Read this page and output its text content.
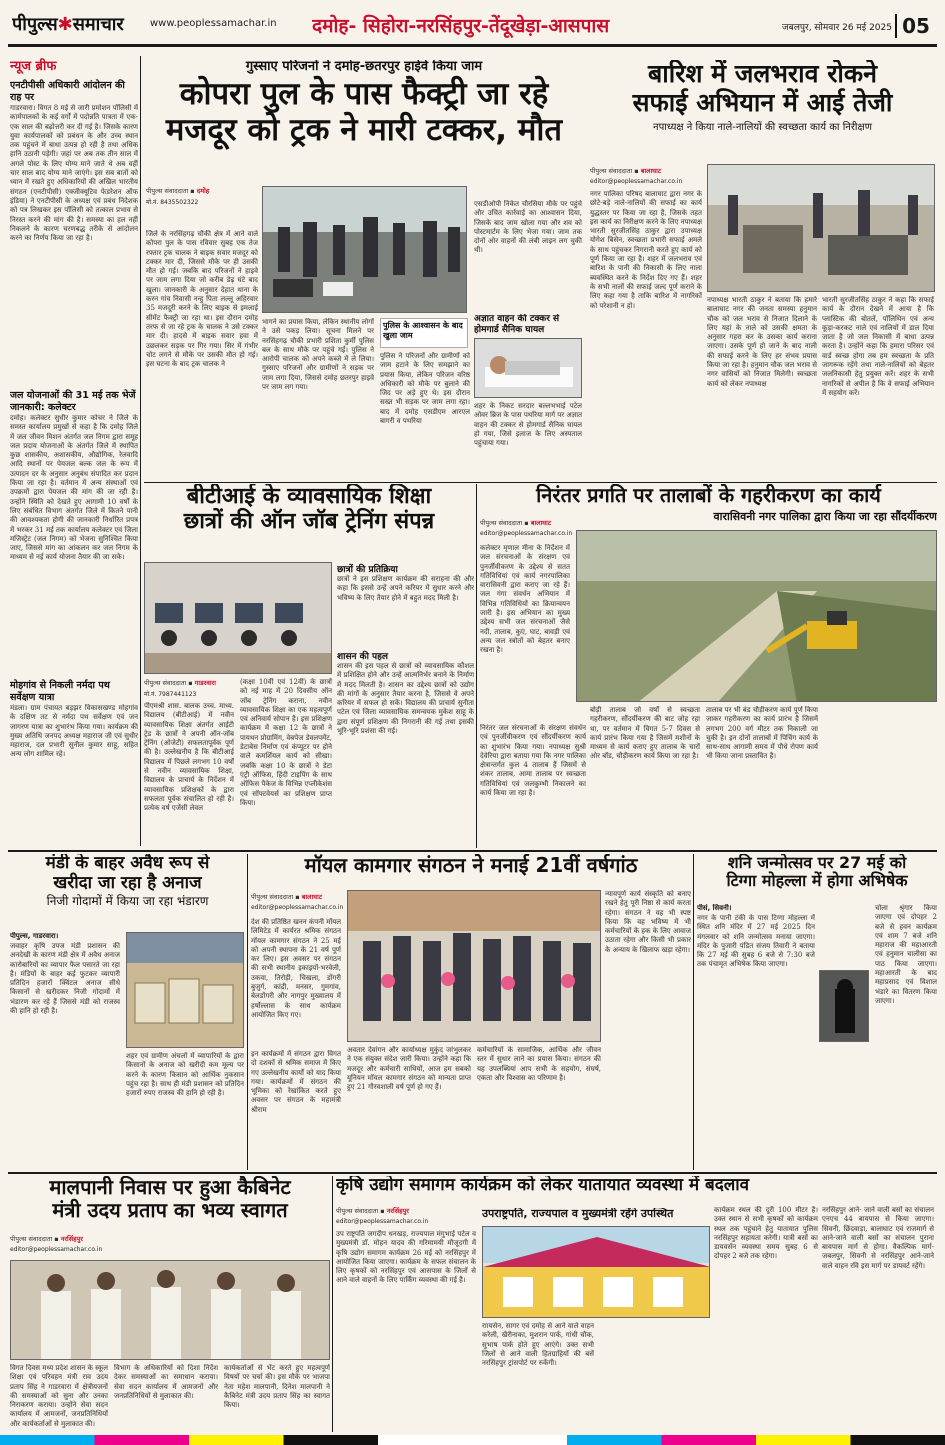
पीपुल्स✱समाचार	www.peoplessamachar.in	दमोह- सिहोरा-नरसिंहपुर-तेंदूखेड़ा-आसपास	जबलपुर, सोमवार 26 मई 2025 05
न्यूज ब्रीफ
एनटीपीसी अधिकारी आंदोलन की राह पर
गाडरवारा। विगत 8 मई से जारी प्रमोशन पॉलिसी में कार्मपालकों के कई वर्गों में पदोन्नति पात्रता में एक-एक साल की बढ़ोत्तरी कर दी गई है। जिसके कारण युवा कार्यपालकों को प्रबंधन के और उच्च स्थान तक पहुंचने में बाधा उत्पन्न हो रही है तथा अधिक हानि उठानी पड़ेगी। जहां पर अब तक तीन साल में अगले पोस्ट के लिए योग्य माने जाते थे अब वहीं चार साल बाद योग्य माने जाएंगे। इस सब बातों को ध्यान में रखते हुए अधिकारियों की अखिल भारतीय संगठन (एनटीपीसी) एक्जीक्यूटिव फेडरेशन ऑफ इंडिया) ने एनटीपीसी के अध्यक्ष एवं प्रबंध निदेशक को पत्र लिखकर इस पॉलिसी को तत्काल प्रभाव से निरस्त करने की मांग की है। समस्या का हल नहीं निकलने के कारण चरणबद्ध तरीके से आंदोलन करने का निर्णय किया जा रहा है।
जल योजनाओं की 31 मई तक भेजें जानकारी: कलेक्टर
दमोह। कलेक्टर सुधीर कुमार कोचर ने जिले के समस्त कार्यालय प्रमुखों से कहा है कि दमोह जिले में जल जीवन मिशन अंतर्गत जल निगम द्वारा समूह जल प्रदाय योजनाओं के अंतर्गत जिले में स्थापित कुछ शासकीय, अशासकीय, औद्योगिक, रेलवादि आदि स्थानों पर पेयजल बल्क जल के रूप में उत्पादन दर के अनुसार अनुबंध संपादित कर प्रदान किया जा रहा है। वर्तमान में अन्य संस्थाओं एवं उपक्रमों द्वारा पेयजल की मांग की जा रही है। उन्होंने स्थिति को देखते हुए आगामी 10 वर्षों के लिए संबंधित विभाग अंतर्गत जिले में कितने पानी की आवश्यकता होगी की जानकारी निर्धारित प्रपत्र में भरकर 31 मई तक कार्यालय कलेक्टर एवं जिला मजिस्ट्रेट (जल निगम) को भेजना सुनिश्चित किया जाए, जिससे मांग का आंकलन कर जल निगम के माध्यम से नई कार्य योजना तैयार की जा सके।
मोहगांव से निकली नर्मदा पथ सर्वेक्षण यात्रा
मंडला। ग्राम पंचायत बड़झर विकासखण्ड मोहगांव के दक्षिण तट से नर्मदा पथ सर्वेक्षण एवं जन जागरण यात्रा का शुभारंभ किया गया। कार्यक्रम की मुख्य अतिथि जनपद अध्यक्ष महाराज जी एवं सुधीर महाराज, दल प्रभारी सुनील कुमार साहू, सहित अन्य लोग शामिल रहे।
गुस्साए परिजनों ने दमोह-छतरपुर हाईवे किया जाम
कोपरा पुल के पास फैक्ट्री जा रहे
मजदूर को ट्रक ने मारी टक्कर, मौत
पीपुल्स संवाददाता ▪ दमोह
मो.नं. 8435502322
जिले के नरसिंहगढ़ चौकी क्षेत्र में आने वाले कोपरा पुल के पास रविवार सुबह एक तेज रफ्तार ट्रक चालक ने बाइक सवार मजदूर को टक्कर मार दी, जिससे मौके पर ही उसकी मौत हो गई। जबकि बाद परिजनों ने हाइवे पर जाम लगा दिया जो करीब डेढ़ घंटे बाद खुला। जानकारी के अनुसार देहात थाना के करन गांव निवासी नन्हु पिता लल्लू अहिरवार 35 मजदूरी करने के लिए बाइक से इमलाई सीमेंट फैक्ट्री जा रहा था। इस दौरान दमोह तरफ से जा रहे ट्रक के चालक ने उसे टक्कर मार दी। हादसे में बाइक सवार हवा में उछलकर सड़क पर गिर गया। सिर में गंभीर चोट लगने से मौके पर उसकी मौत हो गई। इस घटना के बाद ट्रक चालक ने
भागने का प्रयास किया, लेकिन स्थानीय लोगों ने उसे पकड़ लिया। सूचना मिलने पर नरसिंहगढ़ चौकी प्रभारी प्रशिता कुर्मी पुलिस बल के साथ मौके पर पहुंचे गईं। पुलिस ने आरोपी चालक को अपने कब्जे में ले लिया। गुस्साए परिजनों और ग्रामीणों ने सड़क पर जाम लगा दिया, जिससे दमोह छतरपुर हाइवे पर जाम लग गया।
पुलिस के आश्वासन के बाद खुला जाम
पुलिस ने परिजनों और ग्रामीणों को जाम हटाने के लिए समझाने का प्रयास किया, लेकिन परिजन वरिष्ठ अधिकारी को मौके पर बुलाने की जिद पर अड़े हुए थे। इस दौरान सख्त भी सड़क पर जाम लगा रहा। बाद में दमोह एसडीएम आरएल बागरी व पथरिया
एसडीओपी निकेत चौरसिया मौके पर पहुंचे और उचित कार्रवाई का आश्वासन दिया, जिसके बाद जाम खोला गया और शव को पोस्टमार्टम के लिए भेजा गया। जाम तक दोनों ओर वाहनों की लंबी लाइन लग चुकी थी।
अज्ञात वाहन की टक्कर से होमगार्ड सैनिक घायल
शहर के निकट सरदार बल्लभभाई पटेल ओवर ब्रिज के पास पथरिया मार्ग पर अज्ञात वाहन की टक्कर से होमगार्ड सैनिक घायल हो गया, जिसे इलाज के लिए अस्पताल पहुंचाया गया।
बारिश में जलभराव रोकने
सफाई अभियान में आई तेजी
नपाध्यक्ष ने किया नाले-नालियों की स्वच्छता कार्य का निरीक्षण
पीपुल्स संवाददाता ▪ बालाघाट
editor@peoplessamachar.co.in
नगर पालिका परिषद बालाघाट द्वारा नगर के छोटे-बड़े नाले-नालियों की सफाई का कार्य युद्धस्तर पर किया जा रहा है, जिसके तहत इस कार्य का निरीक्षण करने के लिए नपाध्यक्ष भारती सुरजीतसिंह ठाकुर द्वारा उपाध्यक्ष योगेश बिसेन, स्वच्छता प्रभारी सफाई अमले के साथ पहुंचकर निगरानी करते हुए कार्य को पूर्ण किया जा रहा है। शहर में जलभराव एवं बारिश के पानी की निकासी के लिए नाला ब्यवस्थित करने के निर्देश दिए गए हैं। शहर के सभी नालों की सफाई जल्द पूर्ण कराने के लिए कहा गया है ताकि बारिश में नागरिकों को परेशानी न हो।
नपाध्यक्ष भारती ठाकुर ने बताया कि हमारे बालाघाट नगर की जनता समस्या हनुमान चौक को जल भराव से निजात दिलाने के लिए यहां के नाले को उसकी क्षमता के अनुसार गहरा कर के उसका कार्य कराना जाएगा। उसके पूर्ण हो जाने के बाद नाली की सफाई करने के लिए हर संभव प्रयास किया जा रहा है। हनुमान चौक जल भराव से नगर वासियों को निजात मिलेगी। स्वच्छता कार्य को लेकर नपाध्यक्ष
भारती सुरजीतसिंह ठाकुर ने कहा कि सफाई कार्य के दौरान देखने में आया है कि प्लास्टिक की बोतलें, पॉलिथिन एवं अन्य कूड़ा-करकट नाले एवं नालियों में डाल दिया जाता है जो जल निकासी में बाधा उत्पन्न करता है। उन्होंने कहा कि हमारा परिसर एवं वार्ड स्वच्छ होगा तब हम स्वच्छता के प्रति जागरूक रहेंगे तथा नाले-नालियों को बेहतर जलनिकासी हेतु प्रयुक्त करें। शहर के सभी नागरिकों से अपील है कि वे सफाई अभियान में सहयोग करें।
बीटीआई के व्यावसायिक शिक्षा
छात्रों की ऑन जॉब ट्रेनिंग संपन्न
पीपुल्स संवाददाता ▪ गाडरवारा
मो.नं. 7987441123
पीएमश्री शास. बालक उच्च. माध्य. विद्यालय (बीटीआई) में नवीन व्यावसायिक शिक्षा अंतर्गत आईटी ट्रेड के छात्रों ने अपनी ऑन-जॉब ट्रेनिंग (ओजेटी) सफलतापूर्वक पूर्ण की है। उल्लेखनीय है कि बीटीआई विद्यालय में पिछले लगभग 10 वर्षों से नवीन व्यावसायिक शिक्षा, विद्यालय के प्राचार्य के निर्देशन में व्यावसायिक प्रशिक्षकों के द्वारा सफलता पूर्वक संचालित हो रही है। प्रत्येक वर्ष एजेंसी लेवल
(कक्षा 10वीं एवं 12वीं) के छात्रों को नई माह में 20 दिवसीय ऑन जॉब ट्रेनिंग कराना, नवीन व्यावसायिक शिक्षा का एक महत्वपूर्ण एवं अनिवार्य सोपान है। इस प्रशिक्षण कार्यक्रम में कक्षा 12 के छात्रों ने पायथन प्रोग्रामिंग, वेबपेज डेवलपमेंट, डेटाबेस निर्माण एवं कंप्यूटर पर होने वाले कमर्शियल कार्य को सीखा। जबकि कक्षा 10 के छात्रों ने डेटा एंट्री ऑफिस, हिंदी टाइपिंग के साथ ऑफिस पैकेज के विभिन्न एप्लीकेशंस एवं सॉफ्टवेयर्स का प्रशिक्षण प्राप्त किया।
छात्रों की प्रतिक्रिया
छात्रों ने इस प्रशिक्षण कार्यक्रम की सराहना की और कहा कि इससे उन्हें अपने करियर में सुधार करने और भविष्य के लिए तैयार होने में बहुत मदद मिली है।
शासन की पहल
शासन की इस पहल से छात्रों को व्यावसायिक कौशल में प्रशिक्षित होने और उन्हें आत्मनिर्भर बनाने के निर्माण में मदद मिलती है। शासन का उद्देश्य छात्रों को उद्योग की मांगों के अनुसार तैयार करना है, जिससे वे अपने करियर में सफल हो सकें। विद्यालय की प्राचार्य सुनीता पटेल एवं जिला व्यावसायिक समन्वयक मुकेश साहू के द्वारा संपूर्ण प्रशिक्षण की निगरानी की गई तथा इसकी भूरि-भूरि प्रशंसा की गई।
निरंतर प्रगति पर तालाबों के गहरीकरण का कार्य
वारासिवनी नगर पालिका द्वारा किया जा रहा सौंदर्यीकरण
पीपुल्स संवाददाता ▪ बालाघाट
editor@peoplessamachar.co.in
कलेक्टर मृणाल मीना के निर्देशन में जल संरचनाओं के संरक्षण एवं पुनर्जीवीकरण के उद्देश्य से सतत गतिविधियां एवं कार्य नगरपालिका वारासिवनी द्वारा कराए जा रहे हैं। जल गंगा संवर्धन अभियान में विभिन्न गतिविधियों का क्रियान्वयन जारी है। इस अभियान का मुख्य उद्देश्य सभी जल संरचनाओं जैसे नदी, तालाब, कुएं, घाट, बावड़ी एवं अन्य जल स्त्रोतों को बेहतर बनाए रखना है।
निरंतर जल संरचनाओं के संरक्षण संवर्धन एवं पुनर्जीवीकरण एवं सौंदर्यीकरण कार्य का शुभारंभ किया गया। नपाध्यक्ष सुश्री देवेरिया द्वारा बताया गया कि नगर पालिका क्षेत्रान्तर्गत कुल 4 तालाब हैं जिसमें से शंकर तालाब, आमा तालाब पर स्वच्छता गतिविधियां एवं जलकुम्भी निकालने का कार्य किया जा रहा है।
बोड़ी तालाब जो वर्षों से स्वच्छता गहरीकरण, सौंदर्यीकरण की बाट जोह रहा था, पर वर्तमान में विगत 5-7 दिवस से कार्य प्रारंभ किया गया है जिसमें मशीनों के माध्यम से कार्य कराए हुए तालाब के चारों ओर बॉड, चौड़ीकरण कार्य किया जा रहा है।
तालाब पर भी बंड चौड़ीकरण कार्य पूर्ण किया जाकर गहरीकरण का कार्य प्रारंभ है जिसमें लगभग 200 वर्ग मीटर तक निकाली जा चुकी है। इन दोनों तालाबों में पिचिंग कार्य के साथ-साथ आगामी समय में पौधे रोपण कार्य भी किया जाना प्रस्तावित है।
मंडी के बाहर अवैध रूप से
खरीदा जा रहा है अनाज
निजी गोदामों में किया जा रहा भंडारण
पीपुल्स, गाडरवारा।
जवाहर कृषि उपज मंडी प्रशासन की अनदेखी के कारण मंडी क्षेत्र में अवैध अनाज कारोबारियों का व्यापार फैल पसारते जा रहा है। मंडियों के बाहर कई फुटकर व्यापारी प्रतिदिन हजारों क्विंटल अनाज सीधे किसानों से खरीदकर निजी गोदामों में भंडारण कर रहे हैं जिससे मंडी को राजस्व की हानि हो रही है।
शहर एवं ग्रामीण अंचलों में व्यापारियों के द्वारा किसानों के अनाज को खरीदी कम मूल्य पर करने के कारण किसान को आर्थिक नुकसान पहुंच रहा है। साथ ही मंडी प्रशासन को प्रतिदिन हजारों रुपए राजस्व की हानि हो रही है।
मॉयल कामगार संगठन ने मनाई 21वीं वर्षगांठ
पीपुल्स संवाददाता ▪ बालाघाट
editor@peoplessamachar.co.in
देश की प्रतिष्ठित खनन कंपनी मॉयल लिमिटेड में कार्यरत श्रमिक संगठन मॉयल कामगार संगठन ने 25 मई को अपनी स्थापना के 21 वर्ष पूर्ण कर लिए। इस अवसर पर संगठन की सभी स्थानीय इकाइयों-भरवेली, उकवा, तिरोड़ी, चिखला, डोंगरी बुजुर्ग, कांद्री, मनसर, गुमगांव, बेलडोंगरी और नागपुर मुख्यालय में हर्षोल्लास के साथ कार्यक्रम आयोजित किए गए।
इन कार्यक्रमों में संगठन द्वारा विगत दो दशकों से श्रमिक समाज में किए गए उल्लेखनीय कार्यों को याद किया गया। कार्यक्रमों में संगठन की भूमिका को रेखांकित करते हुए अवसर पर संगठन के महामंत्री श्रीराम
अवतार देवांगन और कार्याध्यक्ष मुकुंद जांभुलकर ने एक संयुक्त संदेश जारी किया। उन्होंने कहा कि मजदूर और कर्मचारी साथियों, आज हम सबको यूनियन मॉयल कामगार संगठन को मान्यता प्राप्त हुए 21 गौरवशाली वर्ष पूर्ण हो गए हैं।
कर्मचारियों के सामाजिक, आर्थिक और जीवन स्तर में सुधार लाने का प्रयास किया। संगठन की यह उपलब्धियां आप सभी के सहयोग, संघर्ष, एकता और विश्वास का परिणाम है।
न्यायपूर्ण कार्य संस्कृति को बनाए रखने हेतु पूरी निष्ठा से कार्य करता रहेगा। संगठन ने यह भी स्पष्ट किया कि वह भविष्य में भी कर्मचारियों के हक के लिए आवाज उठाता रहेगा और किसी भी प्रकार के अन्याय के खिलाफ खड़ा रहेगा।
शनि जन्मोत्सव पर 27 मई को
टिग्गा मोहल्ला में होगा अभिषेक
पीसं, सिवनी।
नगर के पानी टंकी के पास टिग्गा मोहल्ला में स्थित शनि मंदिर में 27 मई 2025 दिन मंगलवार को शनि जन्मोत्सव मनाया जाएगा। मंदिर के पुजारी पंडित संजय तिवारी ने बताया कि 27 मई की सुबह 6 बजे से 7:30 बजे तक पंचामृत अभिषेक किया जाएगा।
चोला श्रृंगार किया जाएगा एवं दोपहर 2 बजे से हवन कार्यक्रम एवं शाम 7 बजे शनि महाराज की महाआरती एवं हनुमान चालीसा का पाठ किया जाएगा। महाआरती के बाद महाप्रसाद एवं विशाल भंडारे का वितरण किया जाएगा।
मालपानी निवास पर हुआ कैबिनेट
मंत्री उदय प्रताप का भव्य स्वागत
पीपुल्स संवाददाता ▪ नरसिंहपुर
editor@peoplessamachar.co.in
विगत दिवस मध्य प्रदेश शासन के स्कूल शिक्षा एवं परिवहन मंत्री राव उदय प्रताप सिंह ने गाडरवारा में क्षेत्रीयजनों की समस्याओं को सुना और उनका निराकरण कराया। उन्होंने सेवा सदन कार्यालय में आमजनों, जनप्रतिनिधियों और कार्यकर्ताओं से मुलाकात की।
विभाग के अधिकारियों को दिशा निर्देश देकर समस्याओं का समाधान कराया। सेवा सदन कार्यालय में आमजनों और जनप्रतिनिधियों से मुलाकात की।
कार्यकर्ताओं से भेंट करते हुए महत्वपूर्ण विषयों पर चर्चा की। इस मौके पर भाजपा नेता महेश मालपानी, दिनेश मालपानी ने कैबिनेट मंत्री उदय प्रताप सिंह का स्वागत किया।
कृषि उद्योग समागम कार्यक्रम को लेकर यातायात व्यवस्था में बदलाव
पीपुल्स संवाददाता ▪ नरसिंहपुर
editor@peoplessamachar.co.in
उपराष्ट्रपति, राज्यपाल व मुख्यमंत्री रहेंगे उपस्थित
उप राष्ट्रपति जगदीप धनखड़, राज्यपाल मंगुभाई पटेल व मुख्यमंत्री डॉ. मोहन यादव की गरिमामयी मौजूदगी में कृषि उद्योग समागम कार्यक्रम 26 मई को नरसिंहपुर में आयोजित किया जाएगा। कार्यक्रम के सफल संचालन के लिए कृषकों को नरसिंहपुर एवं आसपास के जिलों से आने वाले वाहनों के लिए पार्किंग व्यवस्था की गई है।
राायसेन, सागर एवं दमोह से आने वाले वाहन करेली, खैरीनाका, मुशरान पार्क, गांधी चौक, सुभाष पार्क होते हुए आएंगे। उक्त सभी जिलों से आने वाली हितग्राहियों की बसें नरसिंहपुर ट्रांसपोर्ट पर रुकेंगी।
कार्यक्रम स्थल की दूरी 100 मीटर है। उक्त स्थान से सभी कृषकों को कार्यक्रम स्थल तक पहुंचाने हेतु यातायात पुलिस नरसिंहपुर सहायता करेगी। यात्री बसों का डायवर्सन व्यवस्था समय सुबह 6 से दोपहर 2 बजे तक रहेगा।
नरसिंहपुर आने- जाने वाली बसों का संचालन एनएच 44 बायपास से किया जाएगा। सिवनी, छिंदवाड़ा, बालाघाट एवं राजमार्ग से आने-जाने वाली बसों का संचालन पुराना बायपास मार्ग से होगा। वैकल्पिक मार्ग- जबलपुर, सिवनी से नरसिंहपुर आने-जाने वाले वाहन रवि इस मार्ग पर डायवर्ट रहेंगे।
